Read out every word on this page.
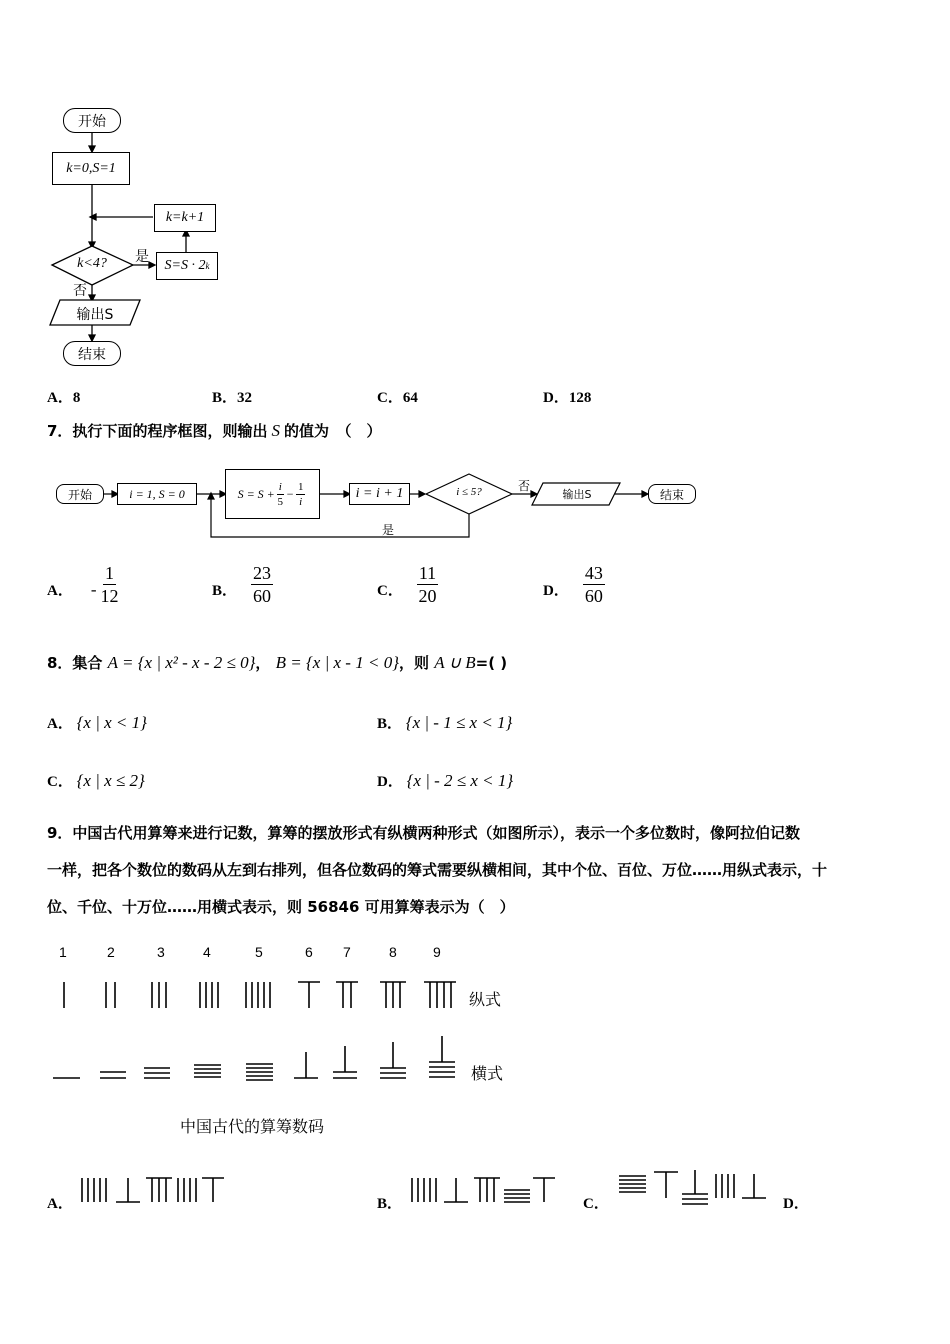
开始
k=0,S=1
k=k+1
k<4?	是
否
S=S · 2 k
输出S
结束
A．8	B．32	C．64	D．128
7．执行下面的程序框图，则输出 S 的值为　（　）
开始	i = 1, S = 0	$S = S + \frac{i}{5} - \frac{1}{i}$	i = i + 1	i ≤ 5?	否
是
输出S	结束
A． - $\frac{1}{12}$	B． $\frac{23}{60}$	C． $\frac{11}{20}$	D． $\frac{43}{60}$
8．集合 A = {x | x² - x - 2 ≤ 0}， B = {x | x - 1 < 0}，则 A ∪ B=( )
A． {x | x < 1}	B． {x | - 1 ≤ x < 1}
C． {x | x ≤ 2}	D． {x | - 2 ≤ x < 1}
9．中国古代用算筹来进行记数，算筹的摆放形式有纵横两种形式（如图所示），表示一个多位数时，像阿拉伯记数
一样，把各个数位的数码从左到右排列，但各位数码的筹式需要纵横相间，其中个位、百位、万位……用纵式表示，十
位、千位、十万位……用横式表示，则 56846 可用算筹表示为（　）
1	2	3	4	5	6 7	8	9
纵式
横式
中国古代的算筹数码
A．	B．	C．	D．
